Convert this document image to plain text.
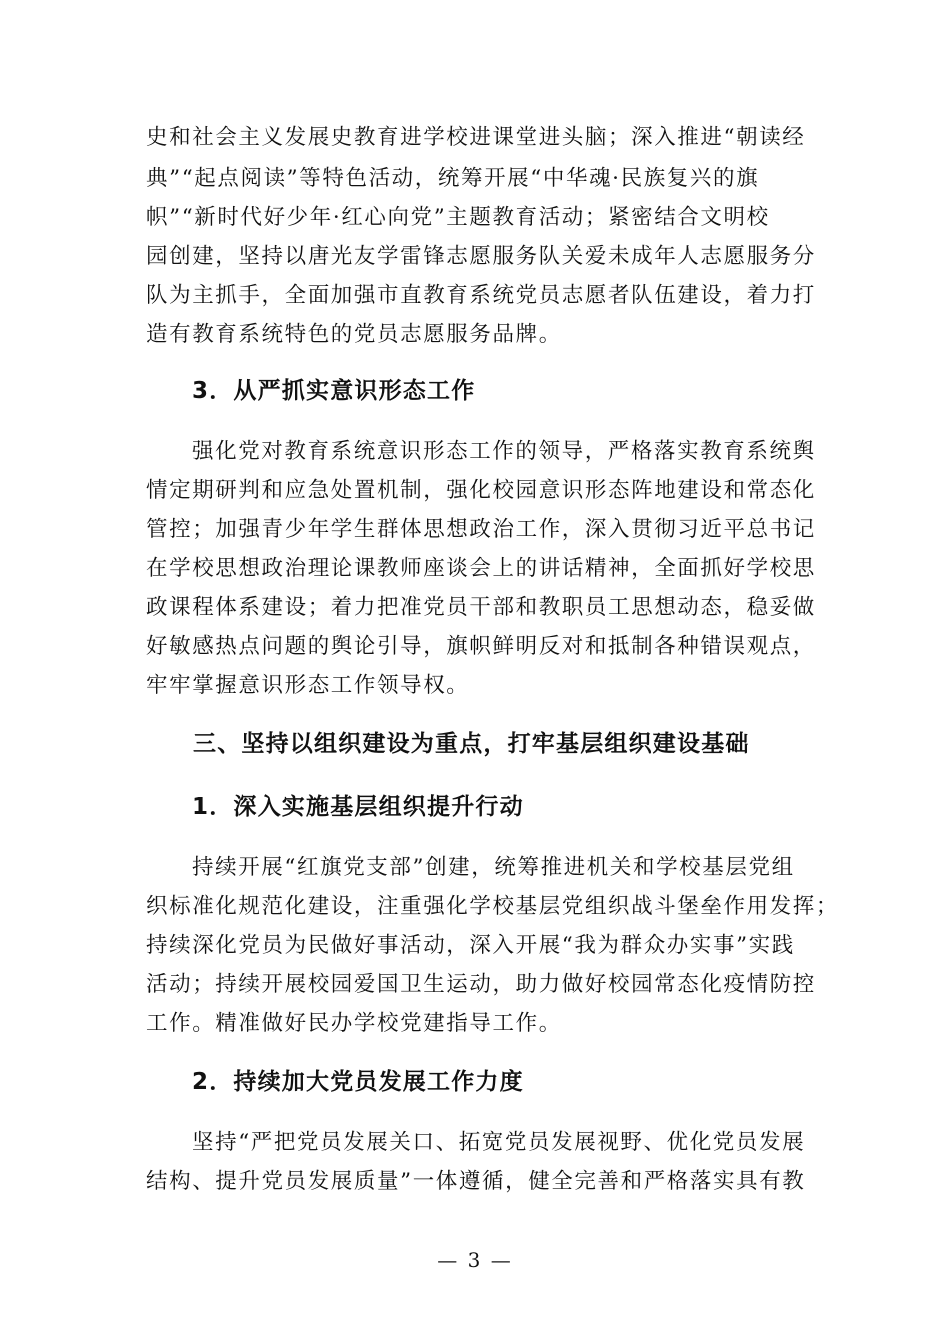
史和社会主义发展史教育进学校进课堂进头脑；深入推进“朝读经
典”“起点阅读”等特色活动，统筹开展“中华魂·民族复兴的旗
帜”“新时代好少年·红心向党”主题教育活动；紧密结合文明校
园创建，坚持以唐光友学雷锋志愿服务队关爱未成年人志愿服务分
队为主抓手，全面加强市直教育系统党员志愿者队伍建设，着力打
造有教育系统特色的党员志愿服务品牌。
3．从严抓实意识形态工作
强化党对教育系统意识形态工作的领导，严格落实教育系统舆
情定期研判和应急处置机制，强化校园意识形态阵地建设和常态化
管控；加强青少年学生群体思想政治工作，深入贯彻习近平总书记
在学校思想政治理论课教师座谈会上的讲话精神，全面抓好学校思
政课程体系建设；着力把准党员干部和教职员工思想动态，稳妥做
好敏感热点问题的舆论引导，旗帜鲜明反对和抵制各种错误观点，
牢牢掌握意识形态工作领导权。
三、坚持以组织建设为重点，打牢基层组织建设基础
1．深入实施基层组织提升行动
持续开展“红旗党支部”创建，统筹推进机关和学校基层党组
织标准化规范化建设，注重强化学校基层党组织战斗堡垒作用发挥；
持续深化党员为民做好事活动，深入开展“我为群众办实事”实践
活动；持续开展校园爱国卫生运动，助力做好校园常态化疫情防控
工作。精准做好民办学校党建指导工作。
2．持续加大党员发展工作力度
坚持“严把党员发展关口、拓宽党员发展视野、优化党员发展
结构、提升党员发展质量”一体遵循，健全完善和严格落实具有教
— 3 —
